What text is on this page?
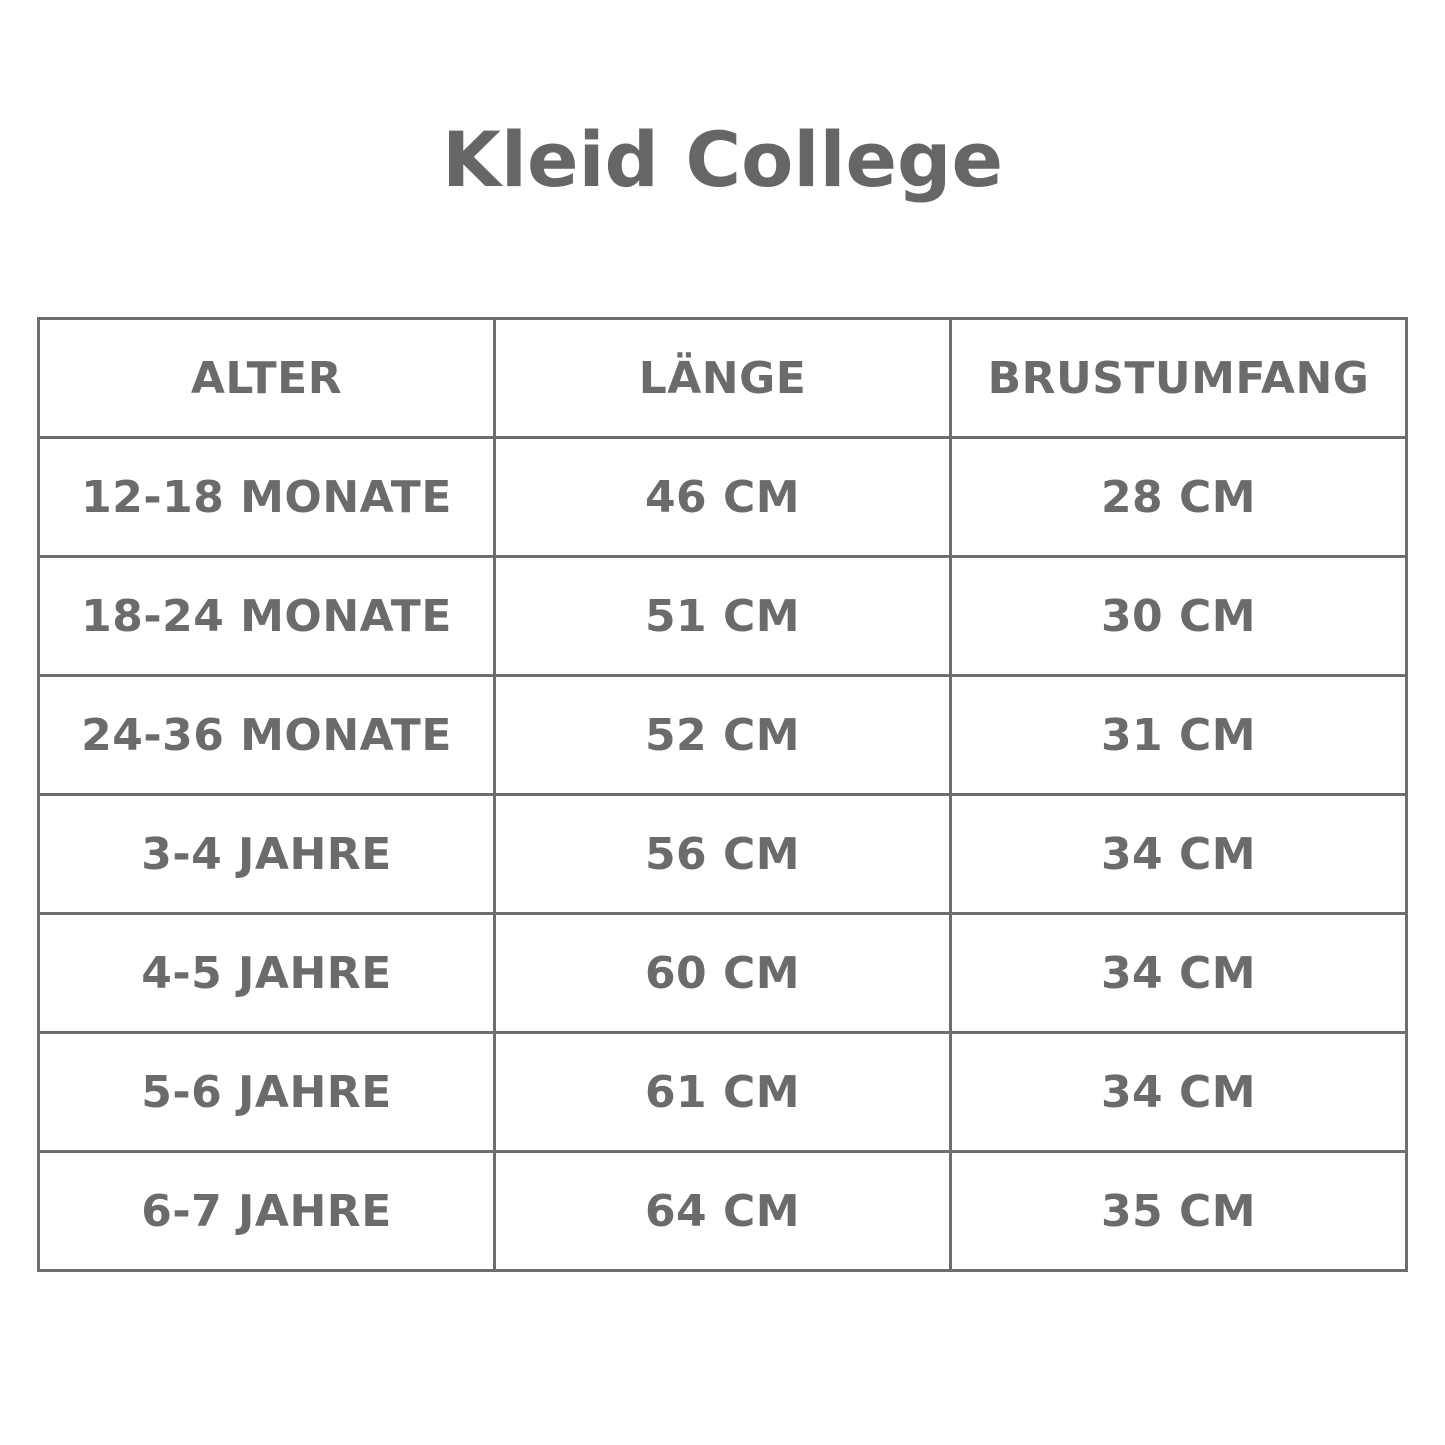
Kleid College
ALTER	LÄNGE	BRUSTUMFANG
12-18 MONATE	46 CM	28 CM
18-24 MONATE	51 CM	30 CM
24-36 MONATE	52 CM	31 CM
3-4 JAHRE	56 CM	34 CM
4-5 JAHRE	60 CM	34 CM
5-6 JAHRE	61 CM	34 CM
6-7 JAHRE	64 CM	35 CM
